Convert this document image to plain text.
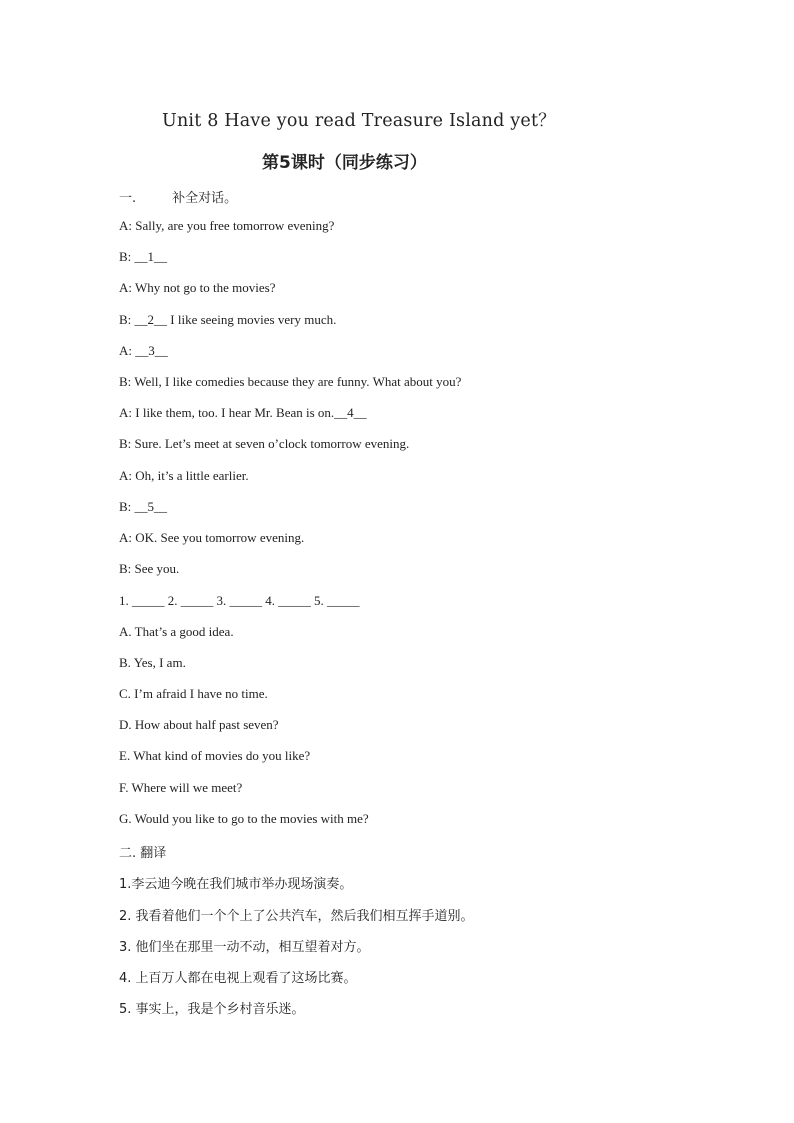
Unit 8 Have you read Treasure Island yet？
第5课时（同步练习）
一.	补全对话。
A: Sally, are you free tomorrow evening?
B: __1__
A: Why not go to the movies?
B: __2__ I like seeing movies very much.
A: __3__
B: Well, I like comedies because they are funny. What about you?
A: I like them, too. I hear Mr. Bean is on.__4__
B: Sure. Let’s meet at seven o’clock tomorrow evening.
A: Oh, it’s a little earlier.
B: __5__
A: OK. See you tomorrow evening.
B: See you.
1. _____ 2. _____ 3. _____ 4. _____ 5. _____
A. That’s a good idea.
B. Yes, I am.
C. I’m afraid I have no time.
D. How about half past seven?
E. What kind of movies do you like?
F. Where will we meet?
G. Would you like to go to the movies with me?
二. 翻译
1.李云迪今晚在我们城市举办现场演奏。
2. 我看着他们一个个上了公共汽车，然后我们相互挥手道别。
3. 他们坐在那里一动不动，相互望着对方。
4. 上百万人都在电视上观看了这场比赛。
5. 事实上，我是个乡村音乐迷。
